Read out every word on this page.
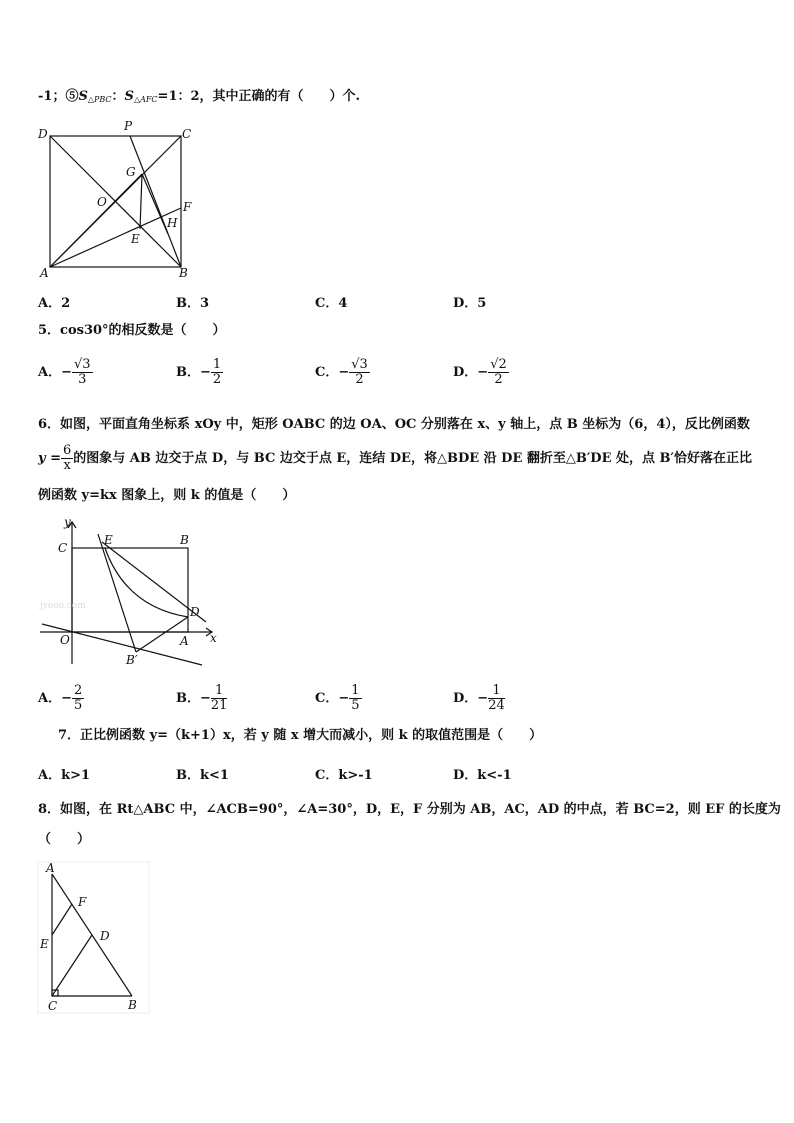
-1；$⑤S_{\triangle PBC}$：$S_{\triangle AFC}=1$：2，其中正确的有（　　）个.
D
P
C
G
O	F
H
E
A	B
A．2	B．3	C．4	D．5
5．cos30°的相反数是（　　）
A．− $\frac{√3}{3}$	B．− $\frac{1}{2}$	C．− $\frac{√3}{2}$	D．− $\frac{√2}{2}$
6．如图，平面直角坐标系 xOy 中，矩形 OABC 的边 OA、OC 分别落在 x、y 轴上，点 B 坐标为（6，4），反比例函数
$y = \frac{6}{x}$ 的图象与 AB 边交于点 D，与 BC 边交于点 E，连结 DE，将△BDE 沿 DE 翻折至△B′DE 处，点 B′恰好落在正比
例函数 y=kx 图象上，则 k 的值是（　　）
jyeoo.com
y
C
E	B
D
O	A x
B′
A．− $\frac{2}{5}$	B．− $\frac{1}{21}$	C．− $\frac{1}{5}$	D．− $\frac{1}{24}$
7．正比例函数 y=（k+1）x，若 y 随 x 增大而减小，则 k 的取值范围是（　　）
A．k>1	B．k<1	C．k>-1	D．k<-1
8．如图，在 Rt△ABC 中，∠ACB=90°，∠A=30°，D，E，F 分别为 AB，AC，AD 的中点，若 BC=2，则 EF 的长度为
（　　）
A
F
E
D
C	B
